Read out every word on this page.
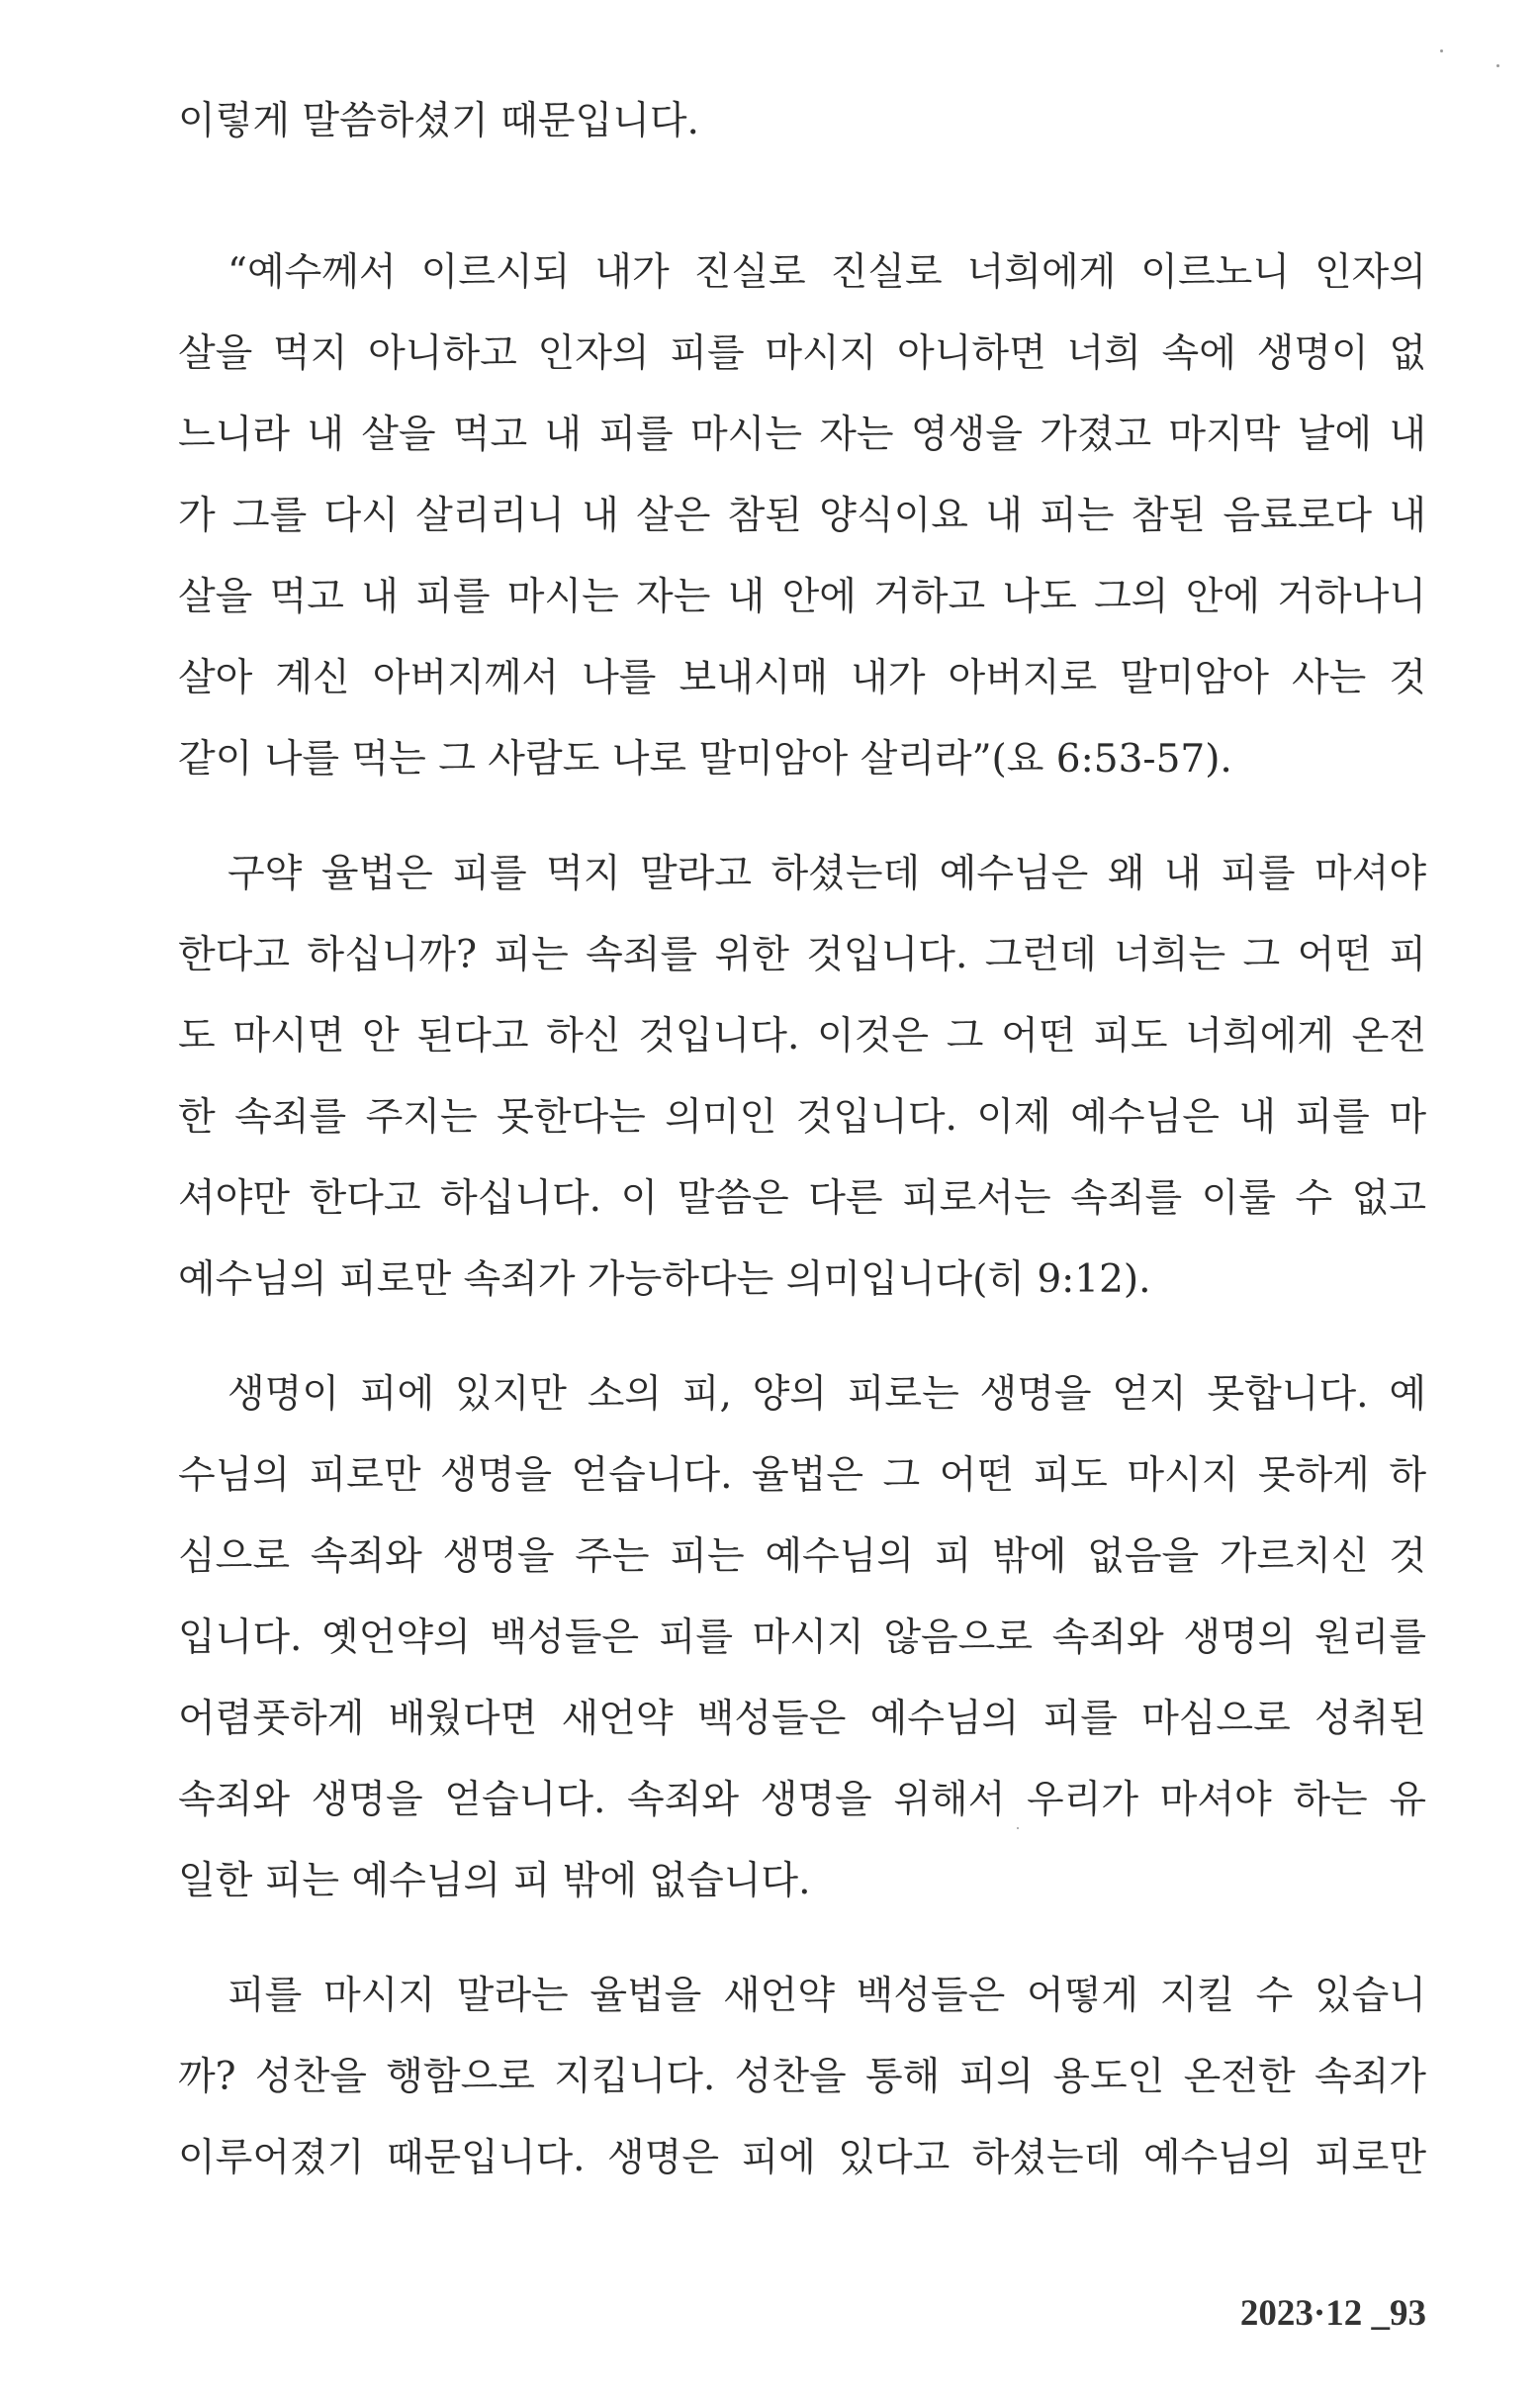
이렇게 말씀하셨기 때문입니다.
“예수께서 이르시되 내가 진실로 진실로 너희에게 이르노니 인자의
살을 먹지 아니하고 인자의 피를 마시지 아니하면 너희 속에 생명이 없
느니라 내 살을 먹고 내 피를 마시는 자는 영생을 가졌고 마지막 날에 내
가 그를 다시 살리리니 내 살은 참된 양식이요 내 피는 참된 음료로다 내
살을 먹고 내 피를 마시는 자는 내 안에 거하고 나도 그의 안에 거하나니
살아 계신 아버지께서 나를 보내시매 내가 아버지로 말미암아 사는 것
같이 나를 먹는 그 사람도 나로 말미암아 살리라”(요 6:53-57).
구약 율법은 피를 먹지 말라고 하셨는데 예수님은 왜 내 피를 마셔야
한다고 하십니까? 피는 속죄를 위한 것입니다. 그런데 너희는 그 어떤 피
도 마시면 안 된다고 하신 것입니다. 이것은 그 어떤 피도 너희에게 온전
한 속죄를 주지는 못한다는 의미인 것입니다. 이제 예수님은 내 피를 마
셔야만 한다고 하십니다. 이 말씀은 다른 피로서는 속죄를 이룰 수 없고
예수님의 피로만 속죄가 가능하다는 의미입니다(히 9:12).
생명이 피에 있지만 소의 피, 양의 피로는 생명을 얻지 못합니다. 예
수님의 피로만 생명을 얻습니다. 율법은 그 어떤 피도 마시지 못하게 하
심으로 속죄와 생명을 주는 피는 예수님의 피 밖에 없음을 가르치신 것
입니다. 옛언약의 백성들은 피를 마시지 않음으로 속죄와 생명의 원리를
어렴풋하게 배웠다면 새언약 백성들은 예수님의 피를 마심으로 성취된
속죄와 생명을 얻습니다. 속죄와 생명을 위해서 우리가 마셔야 하는 유
일한 피는 예수님의 피 밖에 없습니다.
피를 마시지 말라는 율법을 새언약 백성들은 어떻게 지킬 수 있습니
까? 성찬을 행함으로 지킵니다. 성찬을 통해 피의 용도인 온전한 속죄가
이루어졌기 때문입니다. 생명은 피에 있다고 하셨는데 예수님의 피로만
2023·12 _93
